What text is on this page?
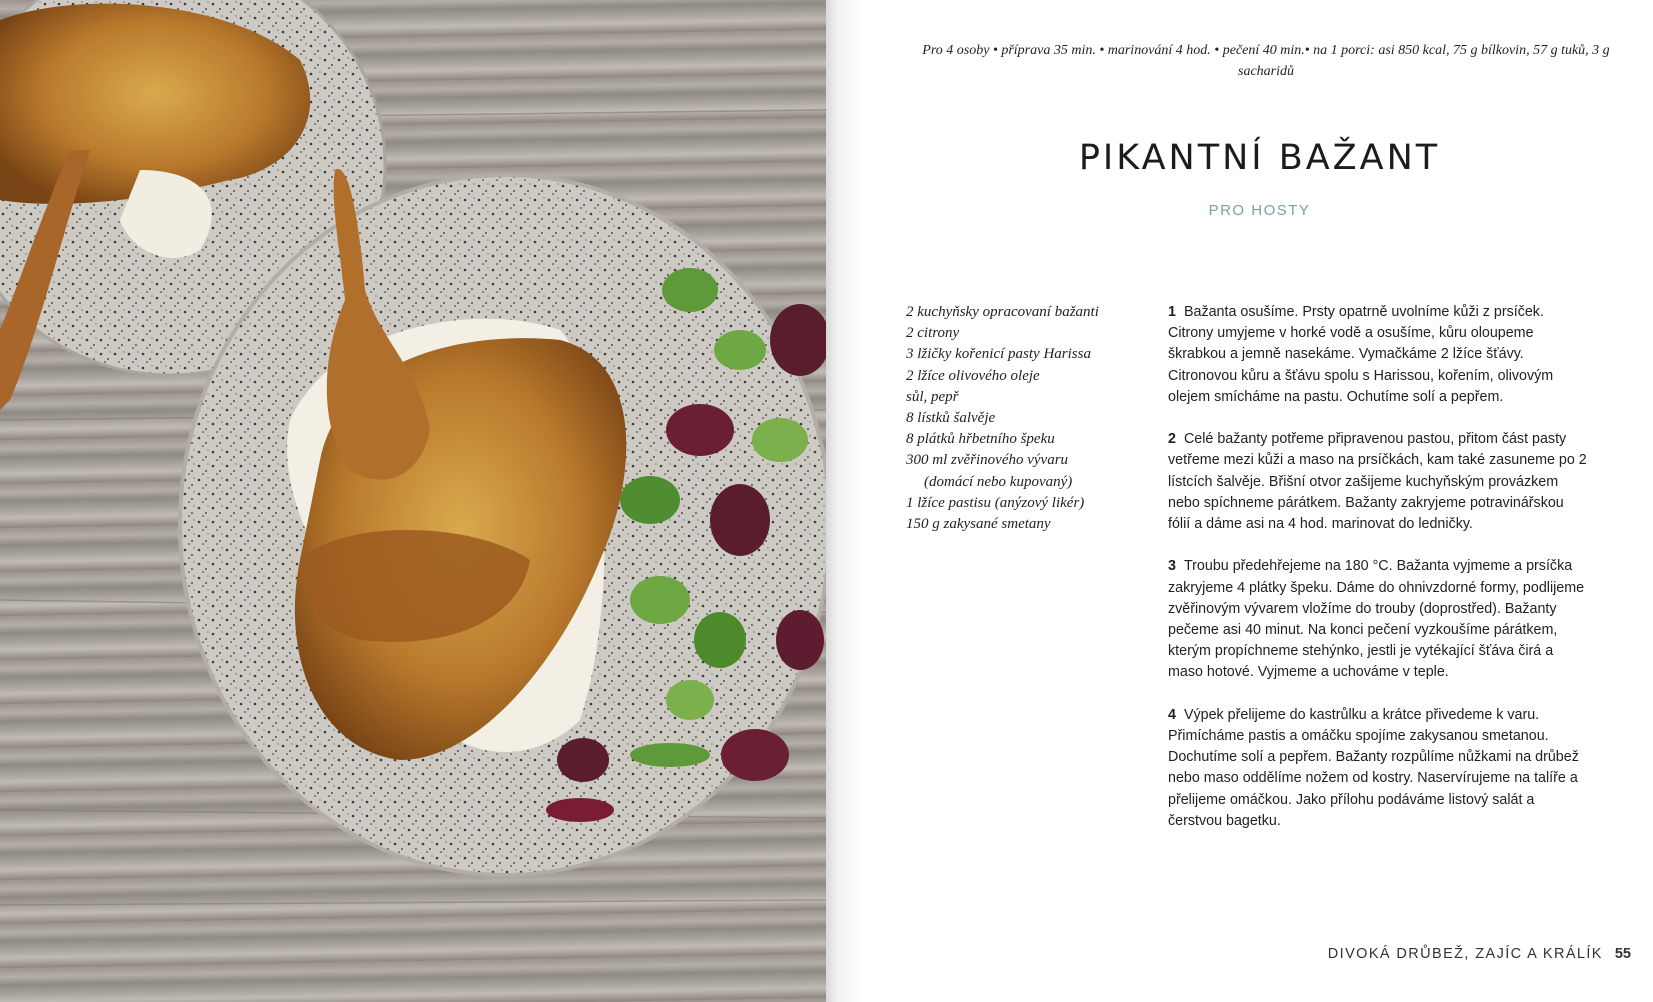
Pro 4 osoby • příprava 35 min. • marinování 4 hod. • pečení 40 min.• na 1 porci: asi 850 kcal, 75 g bílkovin, 57 g tuků, 3 g sacharidů
PIKANTNÍ BAŽANT
PRO HOSTY
2 kuchyňsky opracovaní bažanti
2 citrony
3 lžičky kořenicí pasty Harissa
2 lžíce olivového oleje
sůl, pepř
8 lístků šalvěje
8 plátků hřbetního špeku
300 ml zvěřinového vývaru
(domácí nebo kupovaný)
1 lžíce pastisu (anýzový likér)
150 g zakysané smetany

1 Bažanta osušíme. Prsty opatrně uvolníme kůži z prsíček. Citrony umyjeme v horké vodě a osušíme, kůru oloupeme škrabkou a jemně nasekáme. Vymačkáme 2 lžíce šťávy. Citronovou kůru a šťávu spolu s Harissou, kořením, olivovým olejem smícháme na pastu. Ochutíme solí a pepřem.

2 Celé bažanty potřeme připravenou pastou, přitom část pasty vetřeme mezi kůži a maso na prsíčkách, kam také zasuneme po 2 lístcích šalvěje. Břišní otvor zašijeme kuchyňským provázkem nebo spíchneme párátkem. Bažanty zakryjeme potravinářskou fólií a dáme asi na 4 hod. marinovat do ledničky.

3 Troubu předehřejeme na 180 °C. Bažanta vyjmeme a prsíčka zakryjeme 4 plátky špeku. Dáme do ohnivzdorné formy, podlijeme zvěřinovým vývarem vložíme do trouby (doprostřed). Bažanty pečeme asi 40 minut. Na konci pečení vyzkoušíme párátkem, kterým propíchneme stehýnko, jestli je vytékající šťáva čirá a maso hotové. Vyjmeme a uchováme v teple.

4 Výpek přelijeme do kastrůlku a krátce přivedeme k varu. Přimícháme pastis a omáčku spojíme zakysanou smetanou. Dochutíme solí a pepřem. Bažanty rozpůlíme nůžkami na drůbež nebo maso oddělíme nožem od kostry. Naservírujeme na talíře a přelijeme omáčkou. Jako přílohu podáváme listový salát a čerstvou bagetku.

DIVOKÁ DRŮBEŽ, ZAJÍC A KRÁLÍK 55
